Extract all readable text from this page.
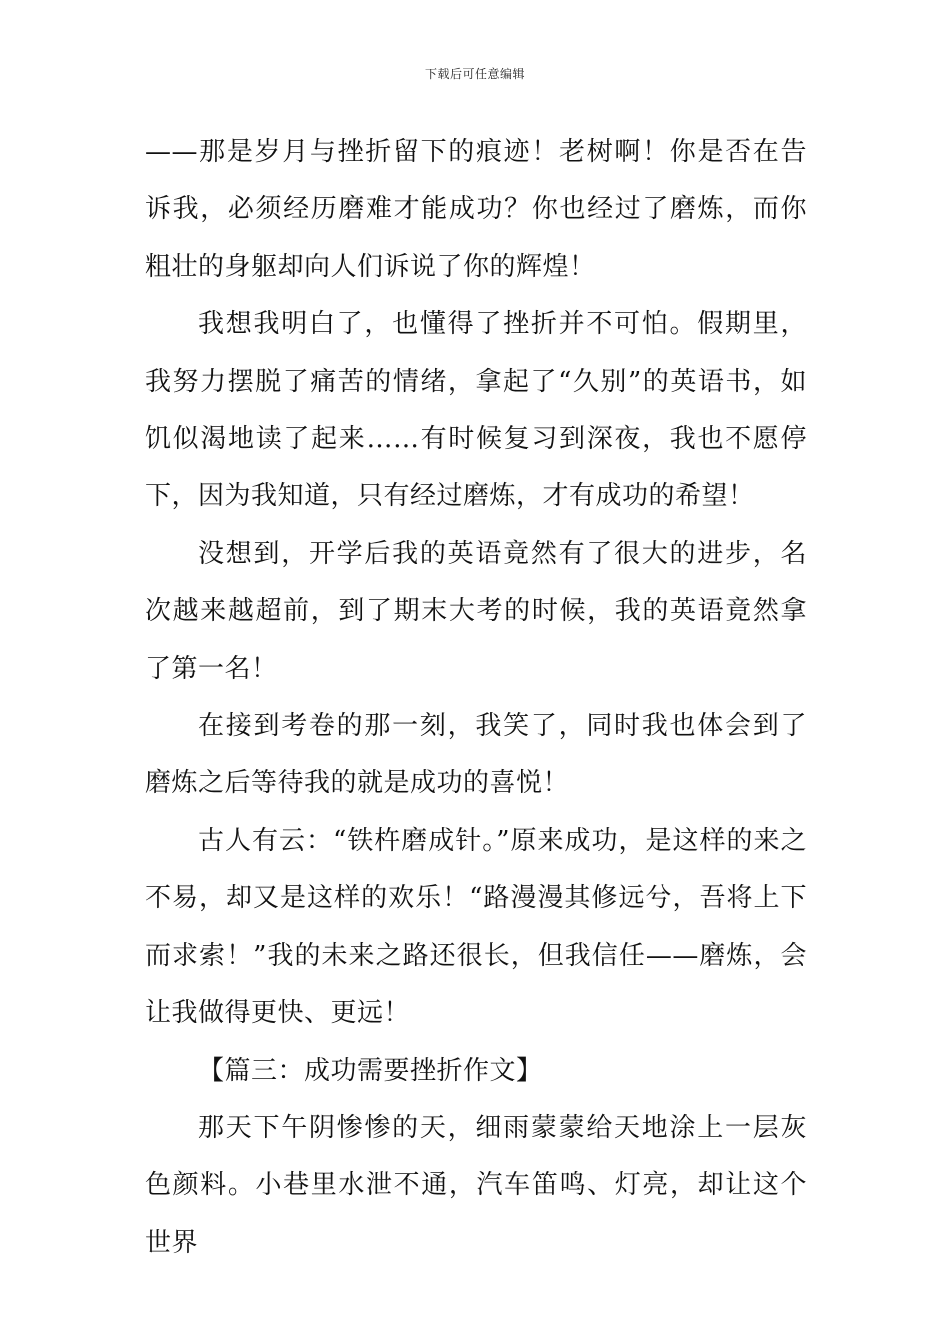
下载后可任意编辑

——那是岁月与挫折留下的痕迹！老树啊！你是否在告诉我，必须经历磨难才能成功？你也经过了磨炼，而你粗壮的身躯却向人们诉说了你的辉煌！

我想我明白了，也懂得了挫折并不可怕。假期里，我努力摆脱了痛苦的情绪，拿起了“久别”的英语书，如饥似渴地读了起来……有时候复习到深夜，我也不愿停下，因为我知道，只有经过磨炼，才有成功的希望！

没想到，开学后我的英语竟然有了很大的进步，名次越来越超前，到了期末大考的时候，我的英语竟然拿了第一名！

在接到考卷的那一刻，我笑了，同时我也体会到了磨炼之后等待我的就是成功的喜悦！

古人有云：“铁杵磨成针。”原来成功，是这样的来之不易，却又是这样的欢乐！“路漫漫其修远兮，吾将上下而求索！”我的未来之路还很长，但我信任——磨炼，会让我做得更快、更远！

【篇三：成功需要挫折作文】

那天下午阴惨惨的天，细雨蒙蒙给天地涂上一层灰色颜料。小巷里水泄不通，汽车笛鸣、灯亮，却让这个世界
